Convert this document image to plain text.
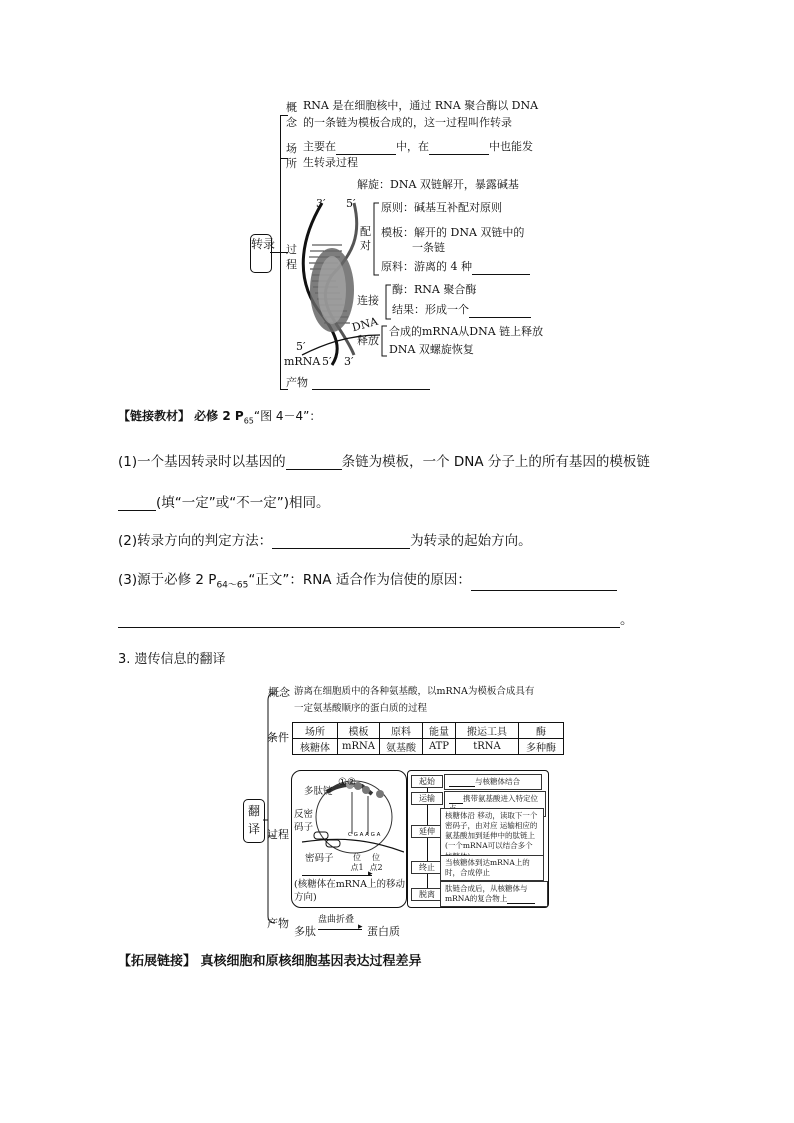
转录
概念
RNA 是在细胞核中，通过 RNA 聚合酶以 DNA
的一条链为模板合成的，这一过程叫作转录
场所
主要在	中，在	中也能发
生转录过程
过程
3′ 5′
5′
DNA
mRNA 5′ 3′
解旋：DNA 双链解开，暴露碱基
配对
原则：碱基互补配对原则
模板：解开的 DNA 双链中的
一条链
原料：游离的 4 种
连接
酶：RNA 聚合酶
结果：形成一个
释放
合成的mRNA从DNA 链上释放
DNA 双螺旋恢复
产物
【链接教材】 必修 2 $P_{65}“$图 4－4”：
(1)一个基因转录时以基因的	条链为模板，一个 DNA 分子上的所有基因的模板链
(填“一定”或“不一定”)相同。
(2)转录方向的判定方法：	为转录的起始方向。
(3)源于必修 2 $P_{64\sim 65}“$正文”：RNA 适合作为信使的原因：
。
3. 遗传信息的翻译
翻译
概念 游离在细胞质中的各种氨基酸，以mRNA为模板合成具有
一定氨基酸顺序的蛋白质的过程
条件 场所	模板	原料	能量	搬运工具	酶
核糖体	mRNA	氨基酸	ATP	tRNA	多种酶
过程	C G A A G A
①②
多肽链
反密码子
密码子	位点1
位点2
▸
(核糖体在mRNA上的移动
方向)
起始	与核糖体结合
运输	携带氨基酸进入特定位
延伸
核糖体沿 移动，读取下一个密码子，由对应 运输相应的氨基酸加到延伸中的肽链上(一个mRNA可以结合多个
终止
当核糖体到达mRNA上的 时，合成停止
脱离
肽链合成后，从核糖体与mRNA的复合物上
产物
多肽
盘曲折叠
▸ 蛋白质
【拓展链接】 真核细胞和原核细胞基因表达过程差异
